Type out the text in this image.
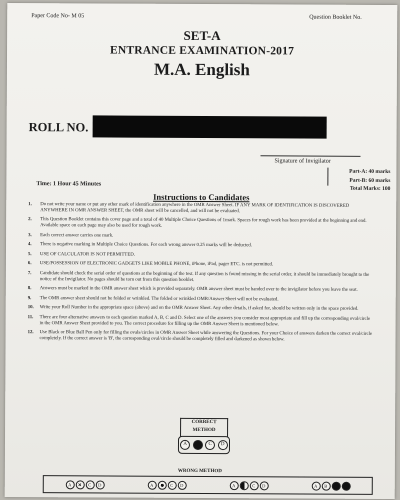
Paper Code No- M 05	Question Booklet No.
SET-A
ENTRANCE EXAMINATION-2017
M.A. English
ROLL NO.
Signature of Invigilator
Part-A: 40 marks
Part-B: 60 marks
Total Marks: 100
Time: 1 Hour 45 Minutes
Instructions to Candidates
1.	Do not write your name or put any other mark of identification anywhere in the OMR Answer Sheet. IF ANY MARK OF IDENTIFICATION IS DISCOVERED ANYWHERE IN OMR ANSWER SHEET, the OMR sheet will be cancelled, and will not be evaluated.
2.	This Question Booklet contains this cover page and a total of 40 Multiple Choice Questions of 1mark. Spaces for rough work has been provided at the beginning and end. Available space on each page may also be used for rough work.
3.	Each correct answer carries one mark.
4.	There is negative marking in Multiple Choice Questions. For each wrong answer 0.25 marks will be deducted.
5.	USE OF CALCULATOR IS NOT PERMITTED.
6.	USE/POSSESSION OF ELECTRONIC GADGETS LIKE MOBILE PHONE, iPhone, iPad, pager ETC. is not permitted.
7.	Candidate should check the serial order of questions at the beginning of the test. If any question is found missing in the serial order, it should be immediately brought to the notice of the Invigilator. No pages should be torn out from this question booklet.
8.	Answers must be marked in the OMR answer sheet which is provided separately. OMR answer sheet must be handed over to the invigilator before you leave the seat.
9.	The OMR answer sheet should not be folded or wrinkled. The folded or wrinkled OMR/Answer Sheet will not be evaluated.
10.	Write your Roll Number in the appropriate space (above) and on the OMR Answer Sheet. Any other details, if asked for, should be written only in the space provided.
11.	There are four alternative answers to each question marked A, B, C and D. Select one of the answers you consider most appropriate and fill up the corresponding oval/circle in the OMR Answer Sheet provided to you. The correct procedure for filling up the OMR Answer Sheet is mentioned below.
12.	Use Black or Blue Ball Pen only for filling the ovals/circles in OMR Answer Sheet while answering the Questions. For your Choice of answers darken the correct oval/circle completely. If the correct answer is 'B', the corresponding oval/circle should be completely filled and darkened as shown below.
CORRECT METHOD
A	C	D
WRONG METHOD
A	✕	C	D	A	C	D	A	C	D	A	B
